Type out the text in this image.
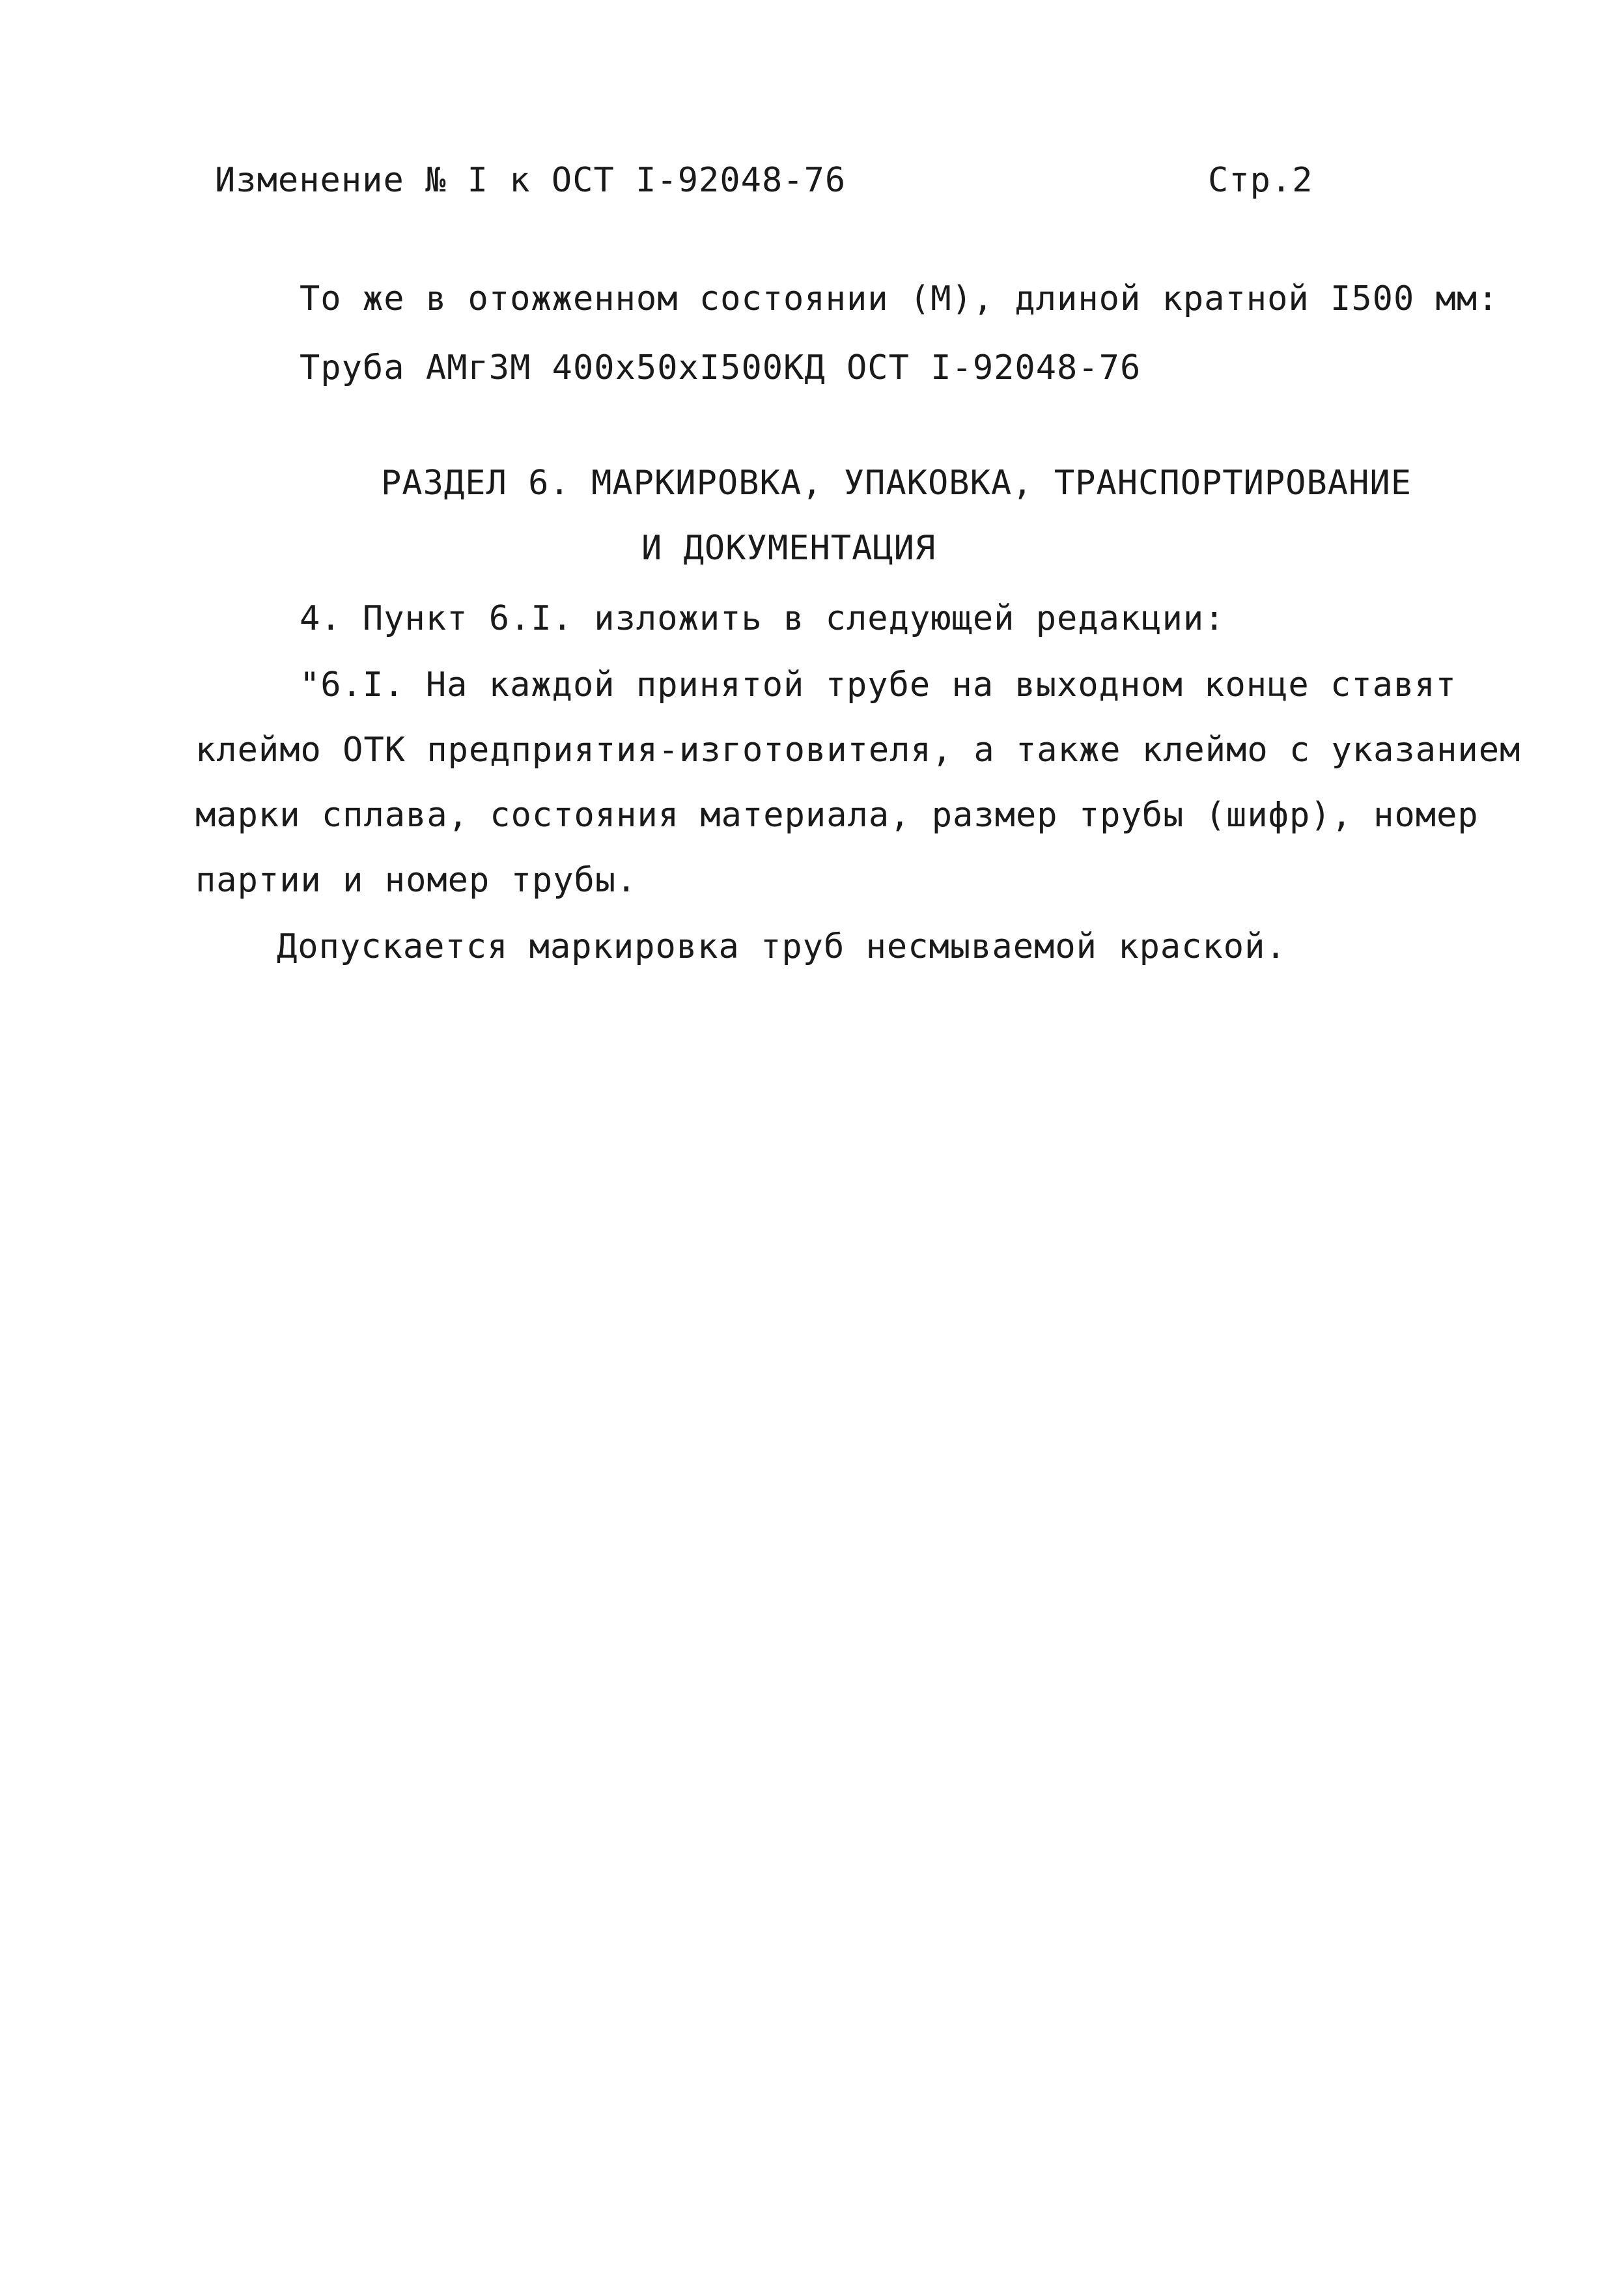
Изменение № I к ОСТ I-92048-76	Стр.2
То же в отожженном состоянии (М), длиной кратной I500 мм:
Труба АМг3М 400х50хI500КД ОСТ I-92048-76
РАЗДЕЛ 6. МАРКИРОВКА, УПАКОВКА, ТРАНСПОРТИРОВАНИЕ
И ДОКУМЕНТАЦИЯ
4. Пункт 6.I. изложить в следующей редакции:
"6.I. На каждой принятой трубе на выходном конце ставят
клеймо ОТК предприятия-изготовителя, а также клеймо с указанием
марки сплава, состояния материала, размер трубы (шифр), номер
партии и номер трубы.
Допускается маркировка труб несмываемой краской.
